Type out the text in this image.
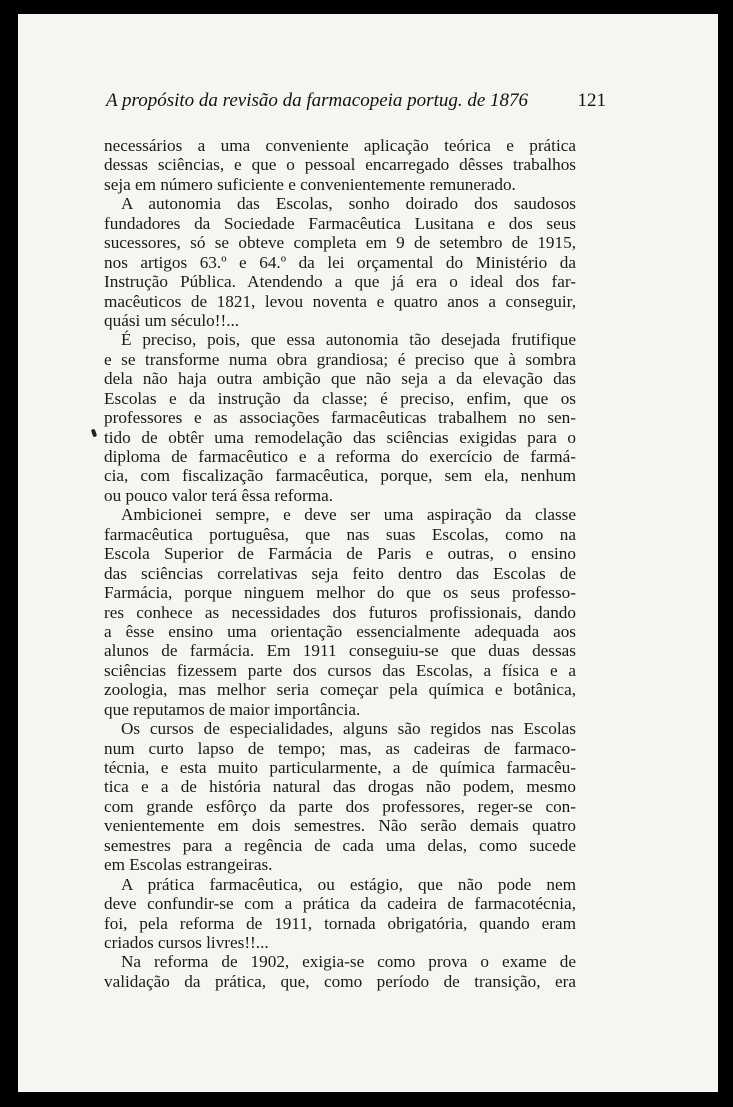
A propósito da revisão da farmacopeia portug. de 1876	121
necessários a uma conveniente aplicação teórica e prática
dessas sciências, e que o pessoal encarregado dêsses trabalhos
seja em número suficiente e convenientemente remunerado.
A autonomia das Escolas, sonho doirado dos saudosos
fundadores da Sociedade Farmacêutica Lusitana e dos seus
sucessores, só se obteve completa em 9 de setembro de 1915,
nos artigos 63.º e 64.º da lei orçamental do Ministério da
Instrução Pública. Atendendo a que já era o ideal dos far-
macêuticos de 1821, levou noventa e quatro anos a conseguir,
quási um século!!...
É preciso, pois, que essa autonomia tão desejada frutifique
e se transforme numa obra grandiosa; é preciso que à sombra
dela não haja outra ambição que não seja a da elevação das
Escolas e da instrução da classe; é preciso, enfim, que os
professores e as associações farmacêuticas trabalhem no sen-
tido de obtêr uma remodelação das sciências exigidas para o
diploma de farmacêutico e a reforma do exercício de farmá-
cia, com fiscalização farmacêutica, porque, sem ela, nenhum
ou pouco valor terá êssa reforma.
Ambicionei sempre, e deve ser uma aspiração da classe
farmacêutica portuguêsa, que nas suas Escolas, como na
Escola Superior de Farmácia de Paris e outras, o ensino
das sciências correlativas seja feito dentro das Escolas de
Farmácia, porque ninguem melhor do que os seus professo-
res conhece as necessidades dos futuros profissionais, dando
a êsse ensino uma orientação essencialmente adequada aos
alunos de farmácia. Em 1911 conseguiu-se que duas dessas
sciências fizessem parte dos cursos das Escolas, a física e a
zoologia, mas melhor seria começar pela química e botânica,
que reputamos de maior importância.
Os cursos de especialidades, alguns são regidos nas Escolas
num curto lapso de tempo; mas, as cadeiras de farmaco-
técnia, e esta muito particularmente, a de química farmacêu-
tica e a de história natural das drogas não podem, mesmo
com grande esfôrço da parte dos professores, reger-se con-
venientemente em dois semestres. Não serão demais quatro
semestres para a regência de cada uma delas, como sucede
em Escolas estrangeiras.
A prática farmacêutica, ou estágio, que não pode nem
deve confundir-se com a prática da cadeira de farmacotécnia,
foi, pela reforma de 1911, tornada obrigatória, quando eram
criados cursos livres!!...
Na reforma de 1902, exigia-se como prova o exame de
validação da prática, que, como período de transição, era
